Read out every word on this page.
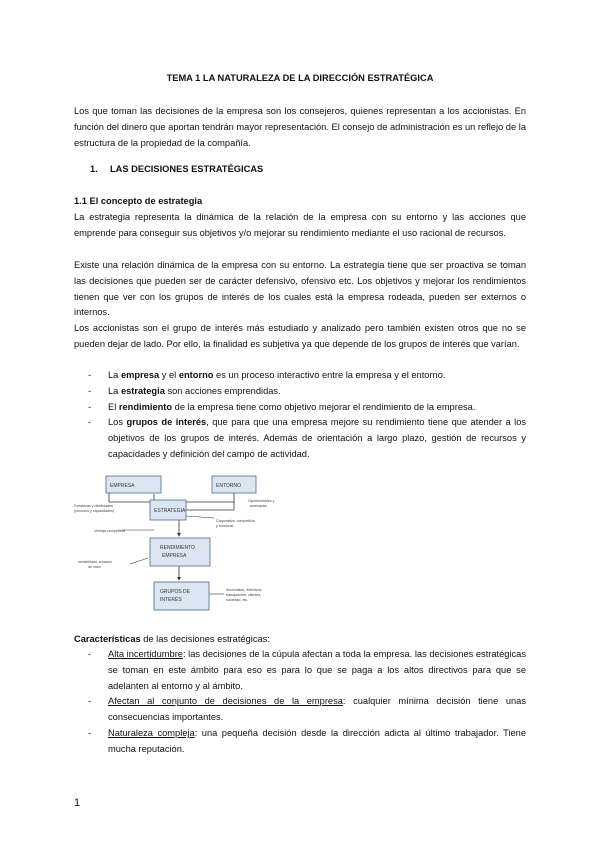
TEMA 1 LA NATURALEZA DE LA DIRECCIÓN ESTRATÉGICA
Los que toman las decisiones de la empresa son los consejeros, quienes representan a los accionistas. En función del dinero que aportan tendrán mayor representación. El consejo de administración es un reflejo de la estructura de la propiedad de la compañía.
1. LAS DECISIONES ESTRATÉGICAS
1.1 El concepto de estrategia
La estrategia representa la dinámica de la relación de la empresa con su entorno y las acciones que emprende para conseguir sus objetivos y/o mejorar su rendimiento mediante el uso racional de recursos.
Existe una relación dinámica de la empresa con su entorno. La estrategia tiene que ser proactiva se toman las decisiones que pueden ser de carácter defensivo, ofensivo etc. Los objetivos y mejorar los rendimientos tienen que ver con los grupos de interés de los cuales está la empresa rodeada, pueden ser externos o internos.
Los accionistas son el grupo de interés más estudiado y analizado pero también existen otros que no se pueden dejar de lado. Por ello, la finalidad es subjetiva ya que depende de los grupos de interés que varían.
- La empresa y el entorno es un proceso interactivo entre la empresa y el entorno.
- La estrategia son acciones emprendidas.
- El rendimiento de la empresa tiene como objetivo mejorar el rendimiento de la empresa.
- Los grupos de interés, que para que una empresa mejore su rendimiento tiene que atender a los objetivos de los grupos de interés. Además de orientación a largo plazo, gestión de recursos y capacidades y definición del campo de actividad.
EMPRESA	ENTORNO
ESTRATEGIA
RENDIMIENTO
EMPRESA
GRUPOS DE
INTERÉS
Fortalezas y debilidades
(recursos y capacidades)
Oportunidades y
amenazas
Ventaja competitiva
Corporativa, competitiva
y funcional
rentabilidad, creación
de valor
Accionistas, directivos,
trabajadores, clientes,
sociedad, etc.
Características de las decisiones estratégicas:
- Alta incertidumbre: las decisiones de la cúpula afectan a toda la empresa. las decisiones estratégicas se toman en este ámbito para eso es para lo que se paga a los altos directivos para que se adelanten al entorno y al ámbito.
- Afectan al conjunto de decisiones de la empresa: cualquier mínima decisión tiene unas consecuencias importantes.
- Naturaleza compleja: una pequeña decisión desde la dirección adicta al último trabajador. Tiene mucha reputación.
1
